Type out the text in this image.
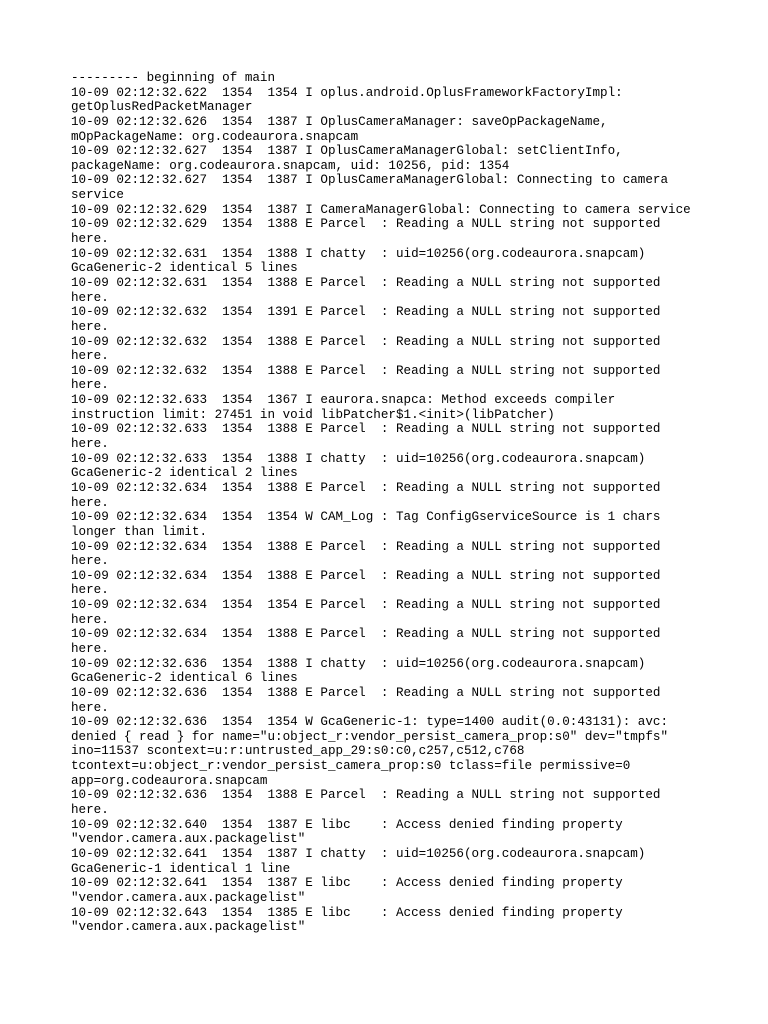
--------- beginning of main
10-09 02:12:32.622  1354  1354 I oplus.android.OplusFrameworkFactoryImpl:
getOplusRedPacketManager
10-09 02:12:32.626  1354  1387 I OplusCameraManager: saveOpPackageName,
mOpPackageName: org.codeaurora.snapcam
10-09 02:12:32.627  1354  1387 I OplusCameraManagerGlobal: setClientInfo,
packageName: org.codeaurora.snapcam, uid: 10256, pid: 1354
10-09 02:12:32.627  1354  1387 I OplusCameraManagerGlobal: Connecting to camera
service
10-09 02:12:32.629  1354  1387 I CameraManagerGlobal: Connecting to camera service
10-09 02:12:32.629  1354  1388 E Parcel  : Reading a NULL string not supported
here.
10-09 02:12:32.631  1354  1388 I chatty  : uid=10256(org.codeaurora.snapcam)
GcaGeneric-2 identical 5 lines
10-09 02:12:32.631  1354  1388 E Parcel  : Reading a NULL string not supported
here.
10-09 02:12:32.632  1354  1391 E Parcel  : Reading a NULL string not supported
here.
10-09 02:12:32.632  1354  1388 E Parcel  : Reading a NULL string not supported
here.
10-09 02:12:32.632  1354  1388 E Parcel  : Reading a NULL string not supported
here.
10-09 02:12:32.633  1354  1367 I eaurora.snapca: Method exceeds compiler
instruction limit: 27451 in void libPatcher$1.<init>(libPatcher)
10-09 02:12:32.633  1354  1388 E Parcel  : Reading a NULL string not supported
here.
10-09 02:12:32.633  1354  1388 I chatty  : uid=10256(org.codeaurora.snapcam)
GcaGeneric-2 identical 2 lines
10-09 02:12:32.634  1354  1388 E Parcel  : Reading a NULL string not supported
here.
10-09 02:12:32.634  1354  1354 W CAM_Log : Tag ConfigGserviceSource is 1 chars
longer than limit.
10-09 02:12:32.634  1354  1388 E Parcel  : Reading a NULL string not supported
here.
10-09 02:12:32.634  1354  1388 E Parcel  : Reading a NULL string not supported
here.
10-09 02:12:32.634  1354  1354 E Parcel  : Reading a NULL string not supported
here.
10-09 02:12:32.634  1354  1388 E Parcel  : Reading a NULL string not supported
here.
10-09 02:12:32.636  1354  1388 I chatty  : uid=10256(org.codeaurora.snapcam)
GcaGeneric-2 identical 6 lines
10-09 02:12:32.636  1354  1388 E Parcel  : Reading a NULL string not supported
here.
10-09 02:12:32.636  1354  1354 W GcaGeneric-1: type=1400 audit(0.0:43131): avc:
denied { read } for name="u:object_r:vendor_persist_camera_prop:s0" dev="tmpfs"
ino=11537 scontext=u:r:untrusted_app_29:s0:c0,c257,c512,c768
tcontext=u:object_r:vendor_persist_camera_prop:s0 tclass=file permissive=0
app=org.codeaurora.snapcam
10-09 02:12:32.636  1354  1388 E Parcel  : Reading a NULL string not supported
here.
10-09 02:12:32.640  1354  1387 E libc    : Access denied finding property
"vendor.camera.aux.packagelist"
10-09 02:12:32.641  1354  1387 I chatty  : uid=10256(org.codeaurora.snapcam)
GcaGeneric-1 identical 1 line
10-09 02:12:32.641  1354  1387 E libc    : Access denied finding property
"vendor.camera.aux.packagelist"
10-09 02:12:32.643  1354  1385 E libc    : Access denied finding property
"vendor.camera.aux.packagelist"
